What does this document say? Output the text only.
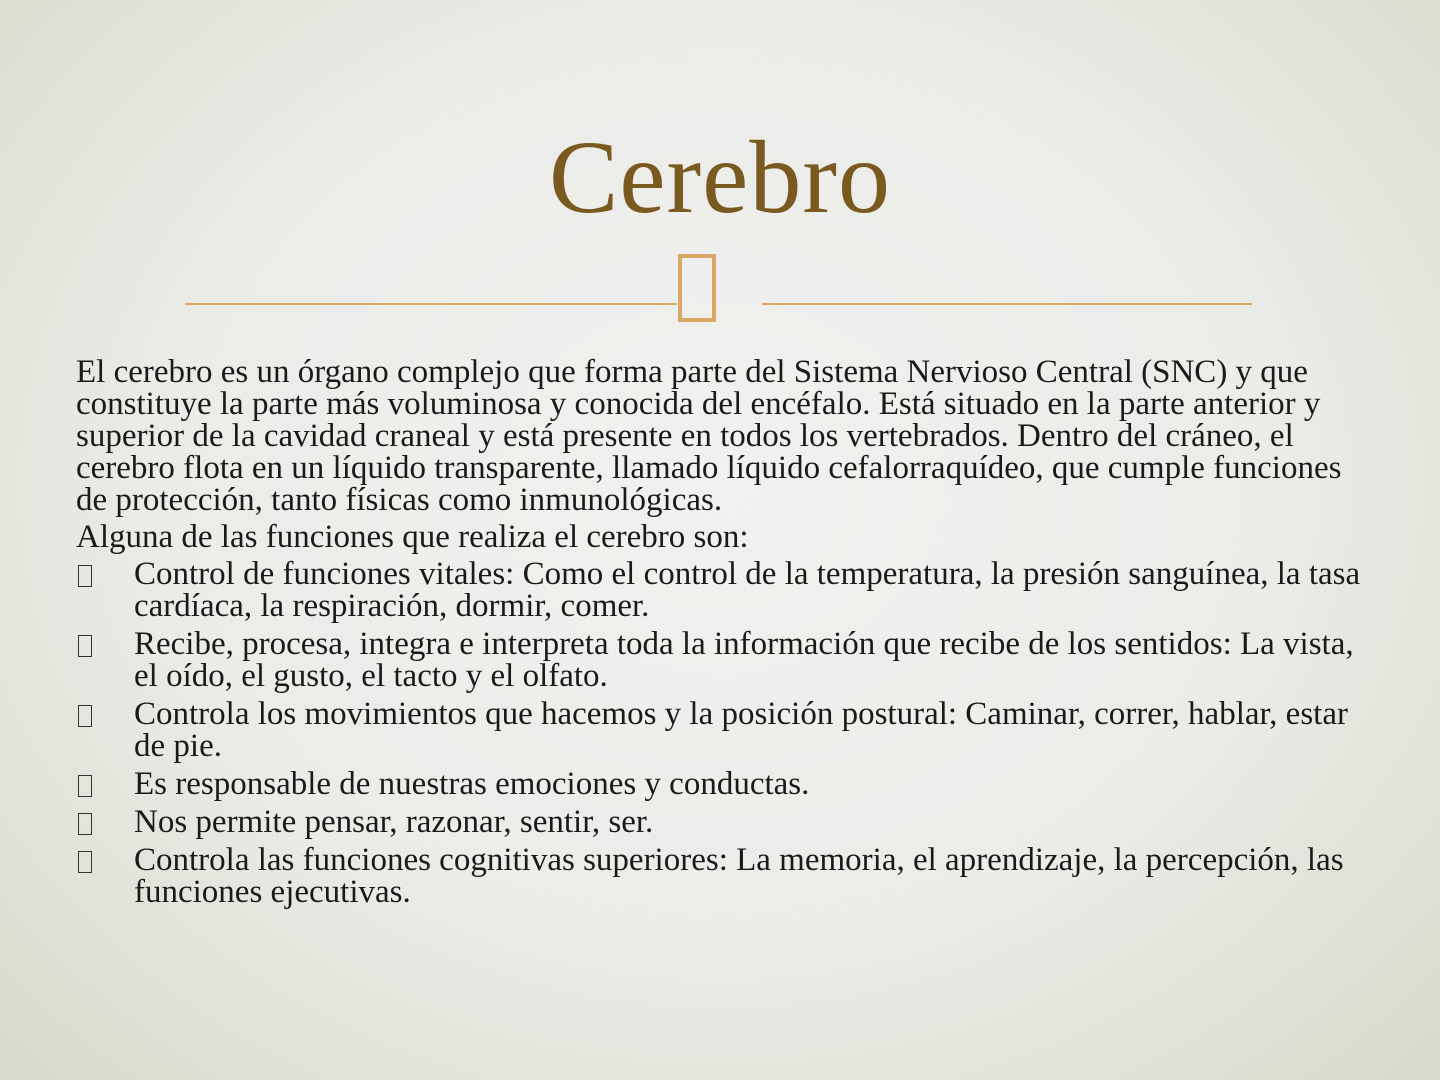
Cerebro

El cerebro es un órgano complejo que forma parte del Sistema Nervioso Central (SNC) y que constituye la parte más voluminosa y conocida del encéfalo. Está situado en la parte anterior y superior de la cavidad craneal y está presente en todos los vertebrados. Dentro del cráneo, el cerebro flota en un líquido transparente, llamado líquido cefalorraquídeo, que cumple funciones de protección, tanto físicas como inmunológicas.

Alguna de las funciones que realiza el cerebro son:

Control de funciones vitales: Como el control de la temperatura, la presión sanguínea, la tasa cardíaca, la respiración, dormir, comer.
Recibe, procesa, integra e interpreta toda la información que recibe de los sentidos: La vista, el oído, el gusto, el tacto y el olfato.
Controla los movimientos que hacemos y la posición postural: Caminar, correr, hablar, estar de pie.
Es responsable de nuestras emociones y conductas.
Nos permite pensar, razonar, sentir, ser.
Controla las funciones cognitivas superiores: La memoria, el aprendizaje, la percepción, las funciones ejecutivas.
